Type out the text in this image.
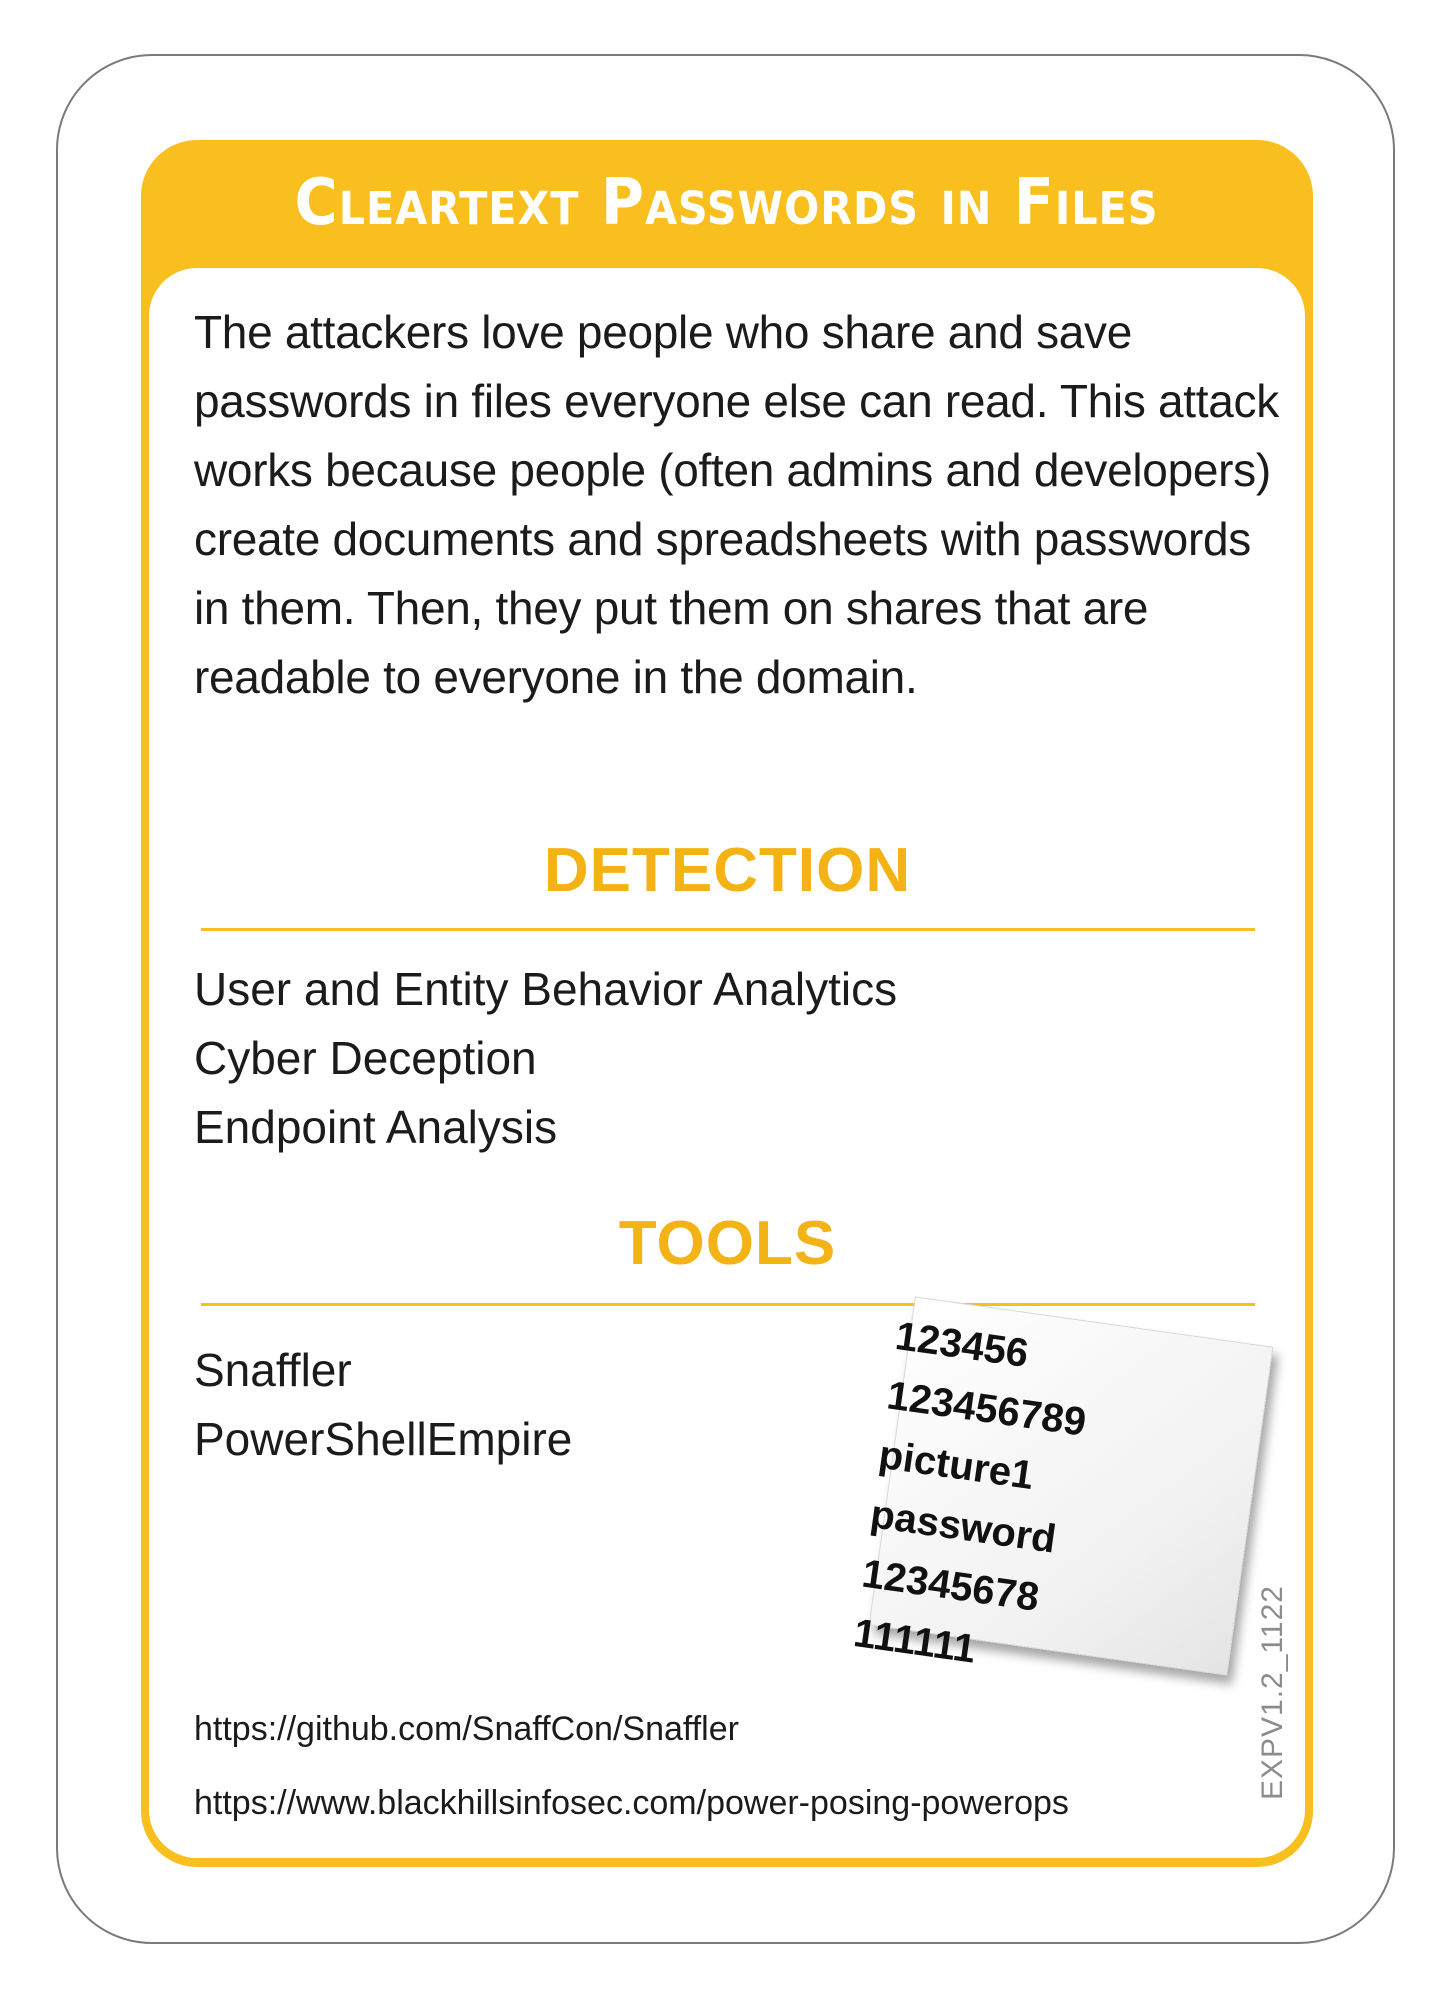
Cleartext Passwords in Files

The attackers love people who share and save passwords in files everyone else can read. This attack works because people (often admins and developers) create documents and spreadsheets with passwords in them. Then, they put them on shares that are readable to everyone in the domain.

DETECTION
User and Entity Behavior Analytics
Cyber Deception
Endpoint Analysis
TOOLS
Snaffler
PowerShellEmpire
123456
123456789
picture1
password
12345678
111111

https://github.com/SnaffCon/Snaffler

https://www.blackhillsinfosec.com/power-posing-powerops

EXPV1.2_1122
